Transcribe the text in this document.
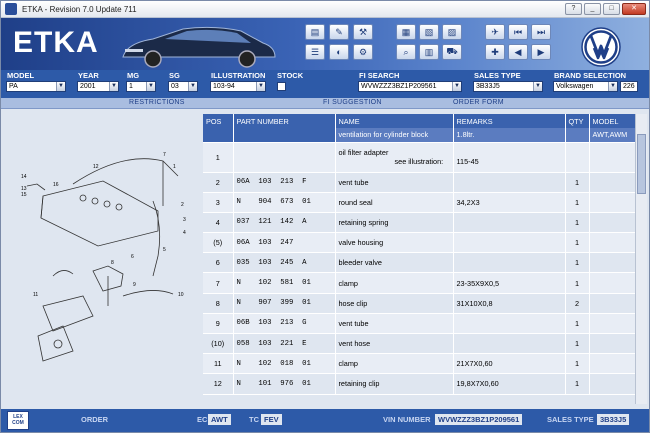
ETKA - Revision 7.0 Update 711	?	_	□	✕
ETKA	▤	✎	⚒
☰	◐	⚙
▦	▧	▨
⌕	▥	⛟
✈	⏮	⏭
✚	◀	▶
MODEL
PA	▼
YEAR
2001	▼
MG
1	▼
SG
03	▼
ILLUSTRATION
103-94	▼
STOCK	FI SEARCH
WVWZZZ3BZ1P209561	▼
SALES TYPE
3B33J5	▼
BRAND SELECTION
Volkswagen	▼	226
RESTRICTIONS	FI SUGGESTION	ORDER FORM
14
13
15
16
12
7
1
2
3
4
5
6
8
9
10
11
POS	PART NUMBER	NAME	REMARKS	QTY	MODEL
		ventilation for cylinder block	1.8ltr.		AWT,AWM
1		oil filter adapter
see illustration:	115-45		
2	06A  103  213  F	vent tube		1	
3	N    904  673  01	round seal	34,2X3	1	
4	037  121  142  A	retaining spring		1	
(5)	06A  103  247	valve housing		1	
6	035  103  245  A	bleeder valve		1	
7	N    102  581  01	clamp	23-35X9X0,5	1	
8	N    907  399  01	hose clip	31X10X0,8	2	
9	06B  103  213  G	vent tube		1	
(10)	058  103  221  E	vent hose		1	
11	N    102  018  01	clamp	21X7X0,60	1	
12	N    101  976  01	retaining clip	19,8X7X0,60	1	
LEX COM	ORDER	EC AWT	TC FEV	VIN NUMBER WVWZZZ3BZ1P209561	SALES TYPE 3B33J5
